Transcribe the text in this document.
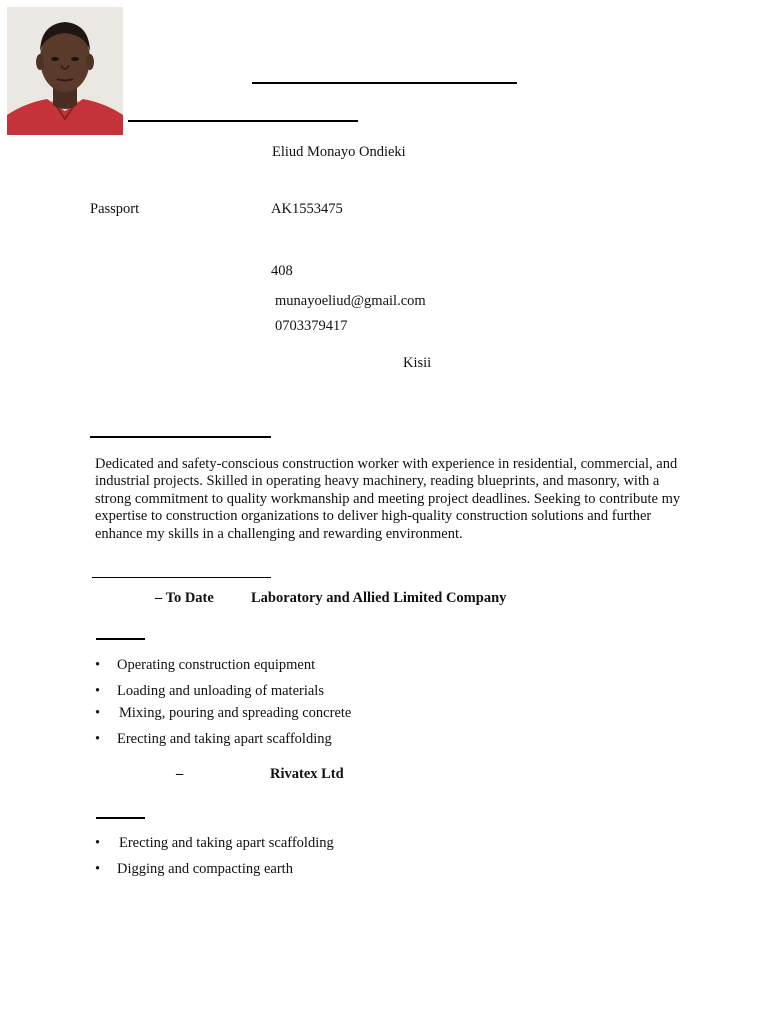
Eliud Monayo Ondieki
Passport	AK1553475
408
munayoeliud@gmail.com
0703379417
Kisii
Dedicated and safety-conscious construction worker with experience in residential, commercial, and industrial projects. Skilled in operating heavy machinery, reading blueprints, and masonry, with a strong commitment to quality workmanship and meeting project deadlines. Seeking to contribute my expertise to construction organizations to deliver high-quality construction solutions and further enhance my skills in a challenging and rewarding environment.
– To Date	Laboratory and Allied Limited Company
• Operating construction equipment
• Loading and unloading of materials
• Mixing, pouring and spreading concrete
• Erecting and taking apart scaffolding
–	Rivatex Ltd
• Erecting and taking apart scaffolding
• Digging and compacting earth
